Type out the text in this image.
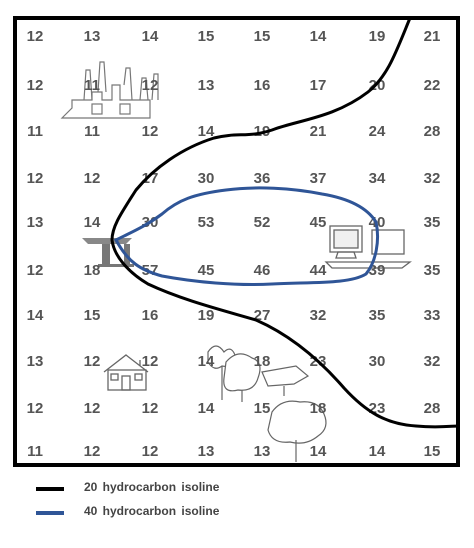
12	13	14	15	15	14	19	21
12	11	12	13	16	17	20	22
11	11	12	14	19	21	24	28
12	12	17	30	36	37	34	32
13	14	30	53	52	45	40	35
12	18	57	45	46	44	39	35
14	15	16	19	27	32	35	33
13	12	12	14	18	23	30	32
12	12	12	14	15	18	23	28
11	12	12	13	13	14	14	15
20 hydrocarbon isoline
40 hydrocarbon isoline
